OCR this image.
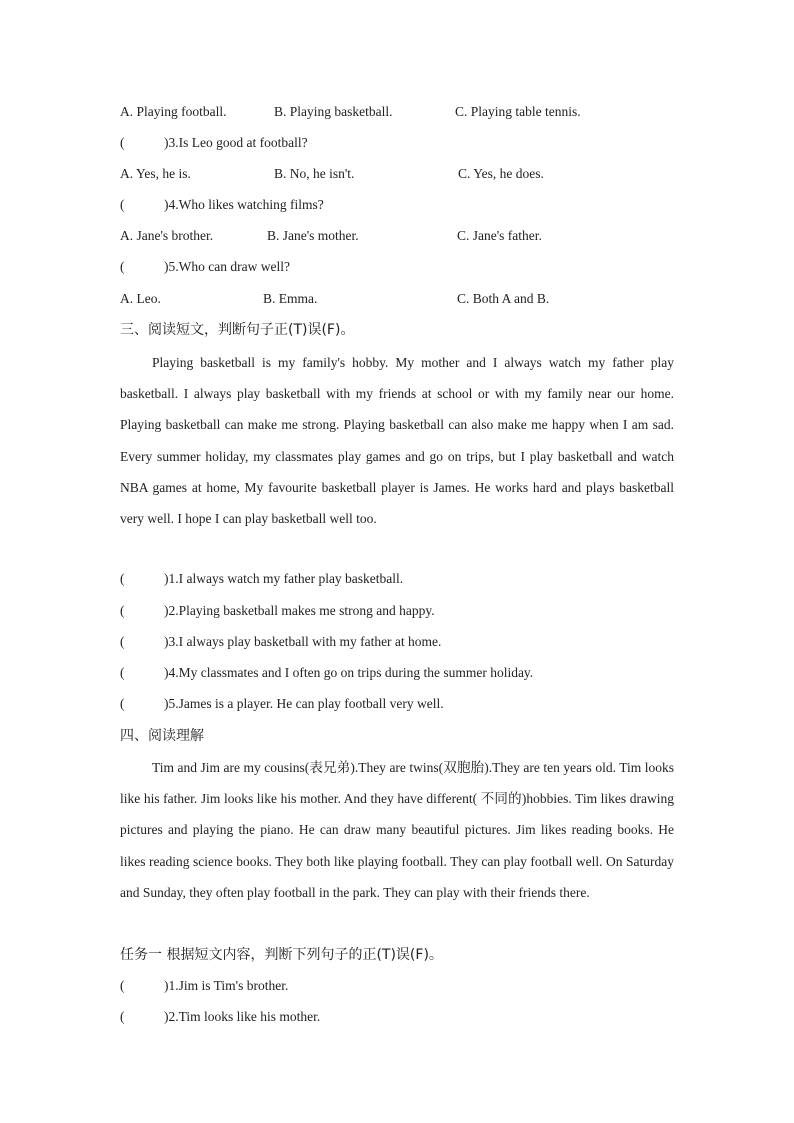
A. Playing football.	B. Playing basketball.	C. Playing table tennis.
(	)3.Is Leo good at football?
A. Yes, he is.	B. No, he isn't.	C. Yes, he does.
(	)4.Who likes watching films?
A. Jane's brother.	B. Jane's mother.	C. Jane's father.
(	)5.Who can draw well?
A. Leo.	B. Emma.	C. Both A and B.
三、阅读短文，判断句子正(T)误(F)。
Playing basketball is my family's hobby. My mother and I always watch my father play basketball. I always play basketball with my friends at school or with my family near our home. Playing basketball can make me strong. Playing basketball can also make me happy when I am sad. Every summer holiday, my classmates play games and go on trips, but I play basketball and watch NBA games at home, My favourite basketball player is James. He works hard and plays basketball very well. I hope I can play basketball well too.
(	)1.I always watch my father play basketball.
(	)2.Playing basketball makes me strong and happy.
(	)3.I always play basketball with my father at home.
(	)4.My classmates and I often go on trips during the summer holiday.
(	)5.James is a player. He can play football very well.
四、阅读理解
Tim and Jim are my cousins(表兄弟).They are twins(双胞胎).They are ten years old. Tim looks like his father. Jim looks like his mother. And they have different( 不同的)hobbies. Tim likes drawing pictures and playing the piano. He can draw many beautiful pictures. Jim likes reading books. He likes reading science books. They both like playing football. They can play football well. On Saturday and Sunday, they often play football in the park. They can play with their friends there.
任务一 根据短文内容，判断下列句子的正(T)误(F)。
(	)1.Jim is Tim's brother.
(	)2.Tim looks like his mother.
